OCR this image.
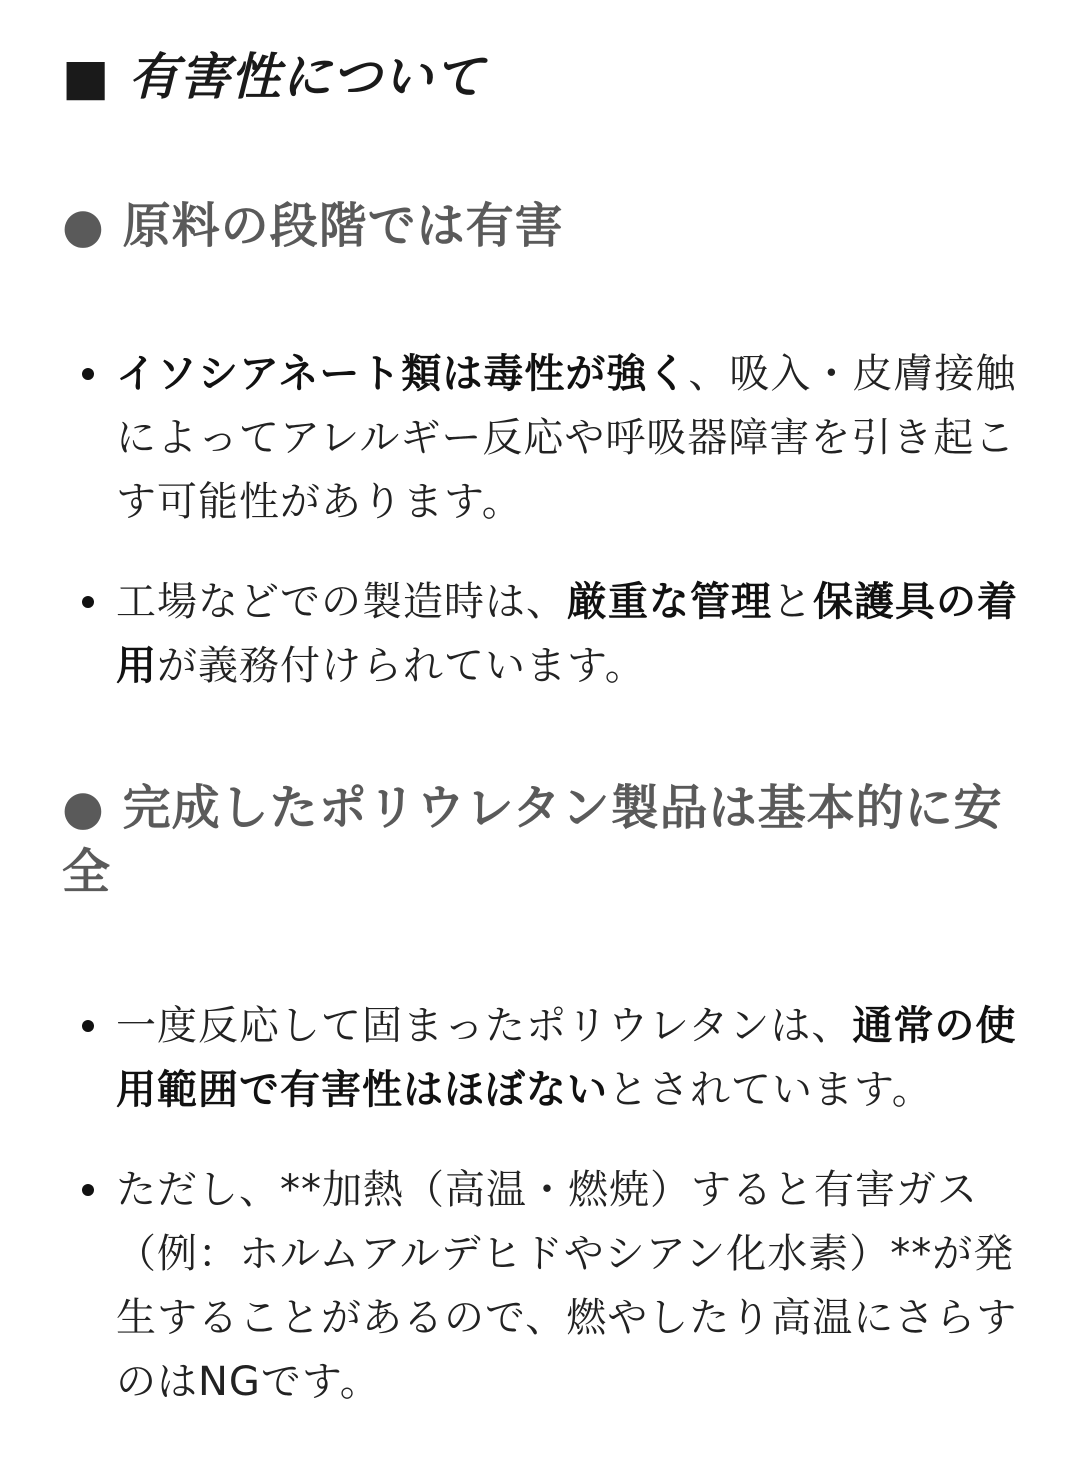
■ 有害性について
● 原料の段階では有害
イソシアネート類は毒性が強く、吸入・皮膚接触によってアレルギー反応や呼吸器障害を引き起こす可能性があります。
工場などでの製造時は、厳重な管理と保護具の着用が義務付けられています。
● 完成したポリウレタン製品は基本的に安全
一度反応して固まったポリウレタンは、通常の使用範囲で有害性はほぼないとされています。
ただし、**加熱（高温・燃焼）すると有害ガス（例：ホルムアルデヒドやシアン化水素）**が発生することがあるので、燃やしたり高温にさらすのはNGです。
